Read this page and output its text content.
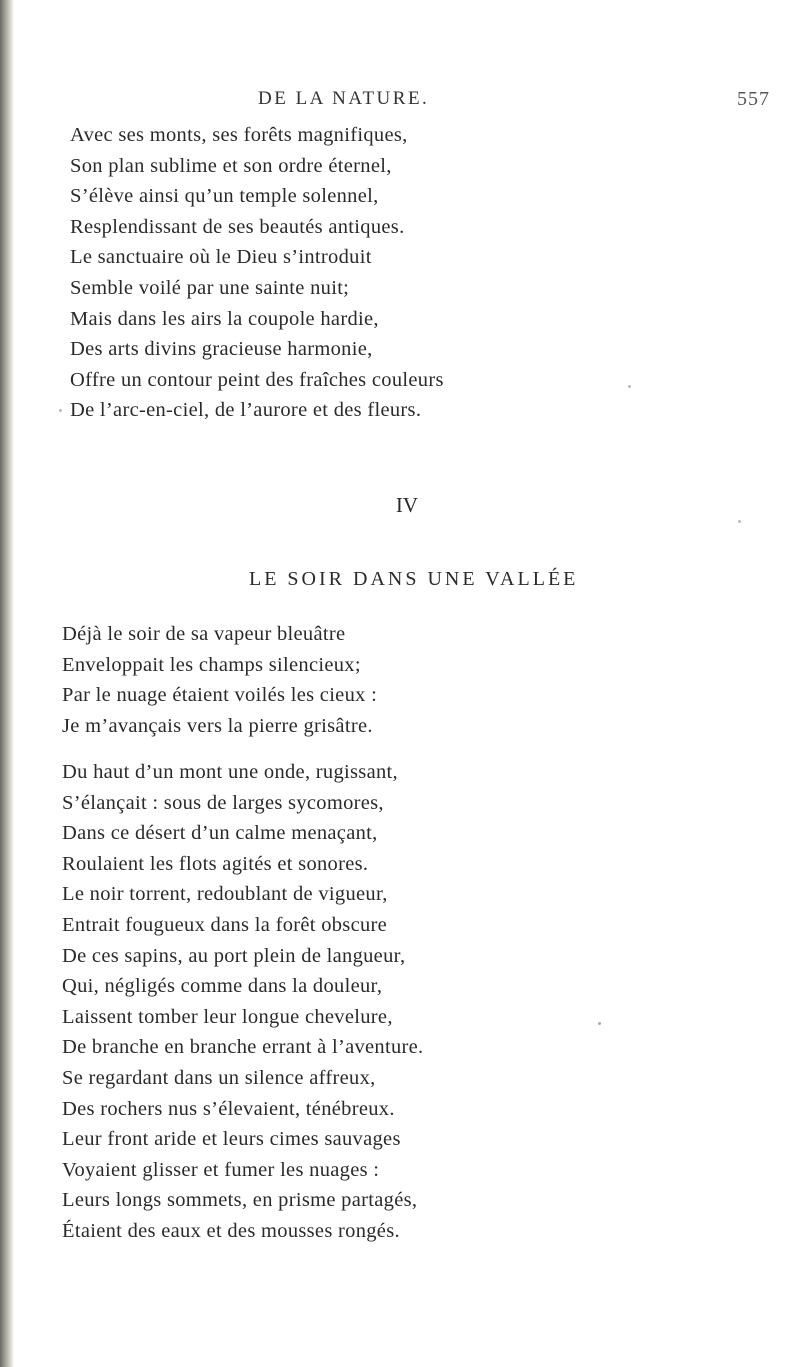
DE LA NATURE.	557
Avec ses monts, ses forêts magnifiques,
Son plan sublime et son ordre éternel,
S’élève ainsi qu’un temple solennel,
Resplendissant de ses beautés antiques.
Le sanctuaire où le Dieu s’introduit
Semble voilé par une sainte nuit;
Mais dans les airs la coupole hardie,
Des arts divins gracieuse harmonie,
Offre un contour peint des fraîches couleurs
De l’arc-en-ciel, de l’aurore et des fleurs.
IV
LE SOIR DANS UNE VALLÉE
Déjà le soir de sa vapeur bleuâtre
Enveloppait les champs silencieux;
Par le nuage étaient voilés les cieux :
Je m’avançais vers la pierre grisâtre.
Du haut d’un mont une onde, rugissant,
S’élançait : sous de larges sycomores,
Dans ce désert d’un calme menaçant,
Roulaient les flots agités et sonores.
Le noir torrent, redoublant de vigueur,
Entrait fougueux dans la forêt obscure
De ces sapins, au port plein de langueur,
Qui, négligés comme dans la douleur,
Laissent tomber leur longue chevelure,
De branche en branche errant à l’aventure.
Se regardant dans un silence affreux,
Des rochers nus s’élevaient, ténébreux.
Leur front aride et leurs cimes sauvages
Voyaient glisser et fumer les nuages :
Leurs longs sommets, en prisme partagés,
Étaient des eaux et des mousses rongés.
